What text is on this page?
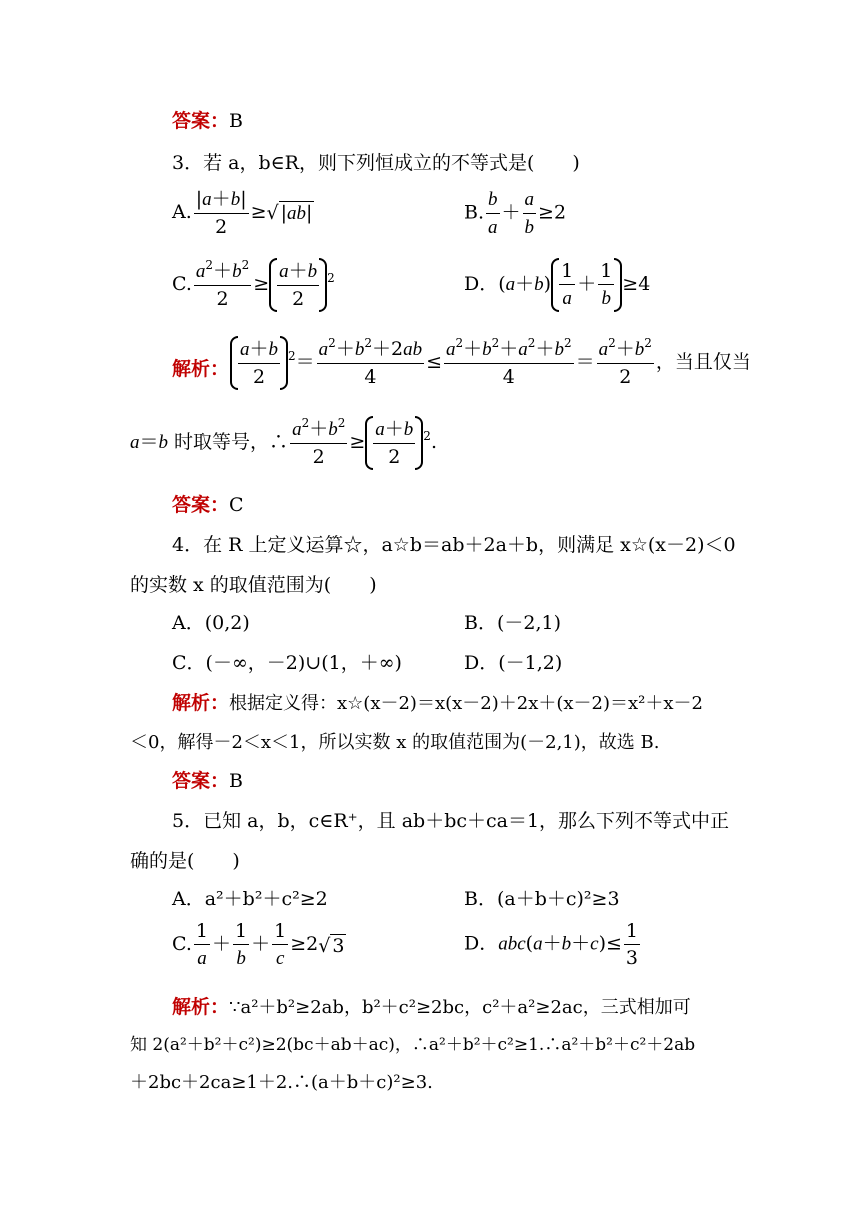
答案：B
3．若 a，b∈R，则下列恒成立的不等式是(　　)
A. $\frac{|a+b|}{2}$ ≥√ |ab|	B. $\frac{b}{a} + \frac{a}{b} \ge 2$
C. $\frac{a^2+b^2}{2} \ge \frac{a+b}{2} ^2$	D．$(a+b) \frac{1}{a} + \frac{1}{b} \ge 4$
解析： $\frac{a+b}{2} ^2= \frac{a^2+b^2+2ab}{4} \le \frac{a^2+b^2+a^2+b^2}{4} = \frac{a^2+b^2}{2}$ ，当且仅当
a＝b 时取等号，∴ $\frac{a^2+b^2}{2} \ge \frac{a+b}{2} ^2$.
答案：C
4．在 R 上定义运算☆，a☆b＝ab＋2a＋b，则满足 x☆(x－2)＜0
的实数 x 的取值范围为(　　)
A．(0,2)	B．(－2,1)
C．(－∞，－2)∪(1，＋∞)	D．(－1,2)
解析：根据定义得：x☆(x－2)＝x(x－2)＋2x＋(x－2)＝x²＋x－2
＜0，解得－2＜x＜1，所以实数 x 的取值范围为(－2,1)，故选 B.
答案：B
5．已知 a，b，c∈R⁺，且 ab＋bc＋ca＝1，那么下列不等式中正
确的是(　　)
A．a²＋b²＋c²≥2	B．(a＋b＋c)²≥3
C. $\frac{1}{a} + \frac{1}{b} + \frac{1}{c} \ge 2√$ 3	D．$abc(a+b+c)\le \frac{1}{3}$
解析：∵a²＋b²≥2ab，b²＋c²≥2bc，c²＋a²≥2ac，三式相加可
知 2(a²＋b²＋c²)≥2(bc＋ab＋ac)，∴a²＋b²＋c²≥1.∴a²＋b²＋c²＋2ab
＋2bc＋2ca≥1＋2.∴(a＋b＋c)²≥3.
